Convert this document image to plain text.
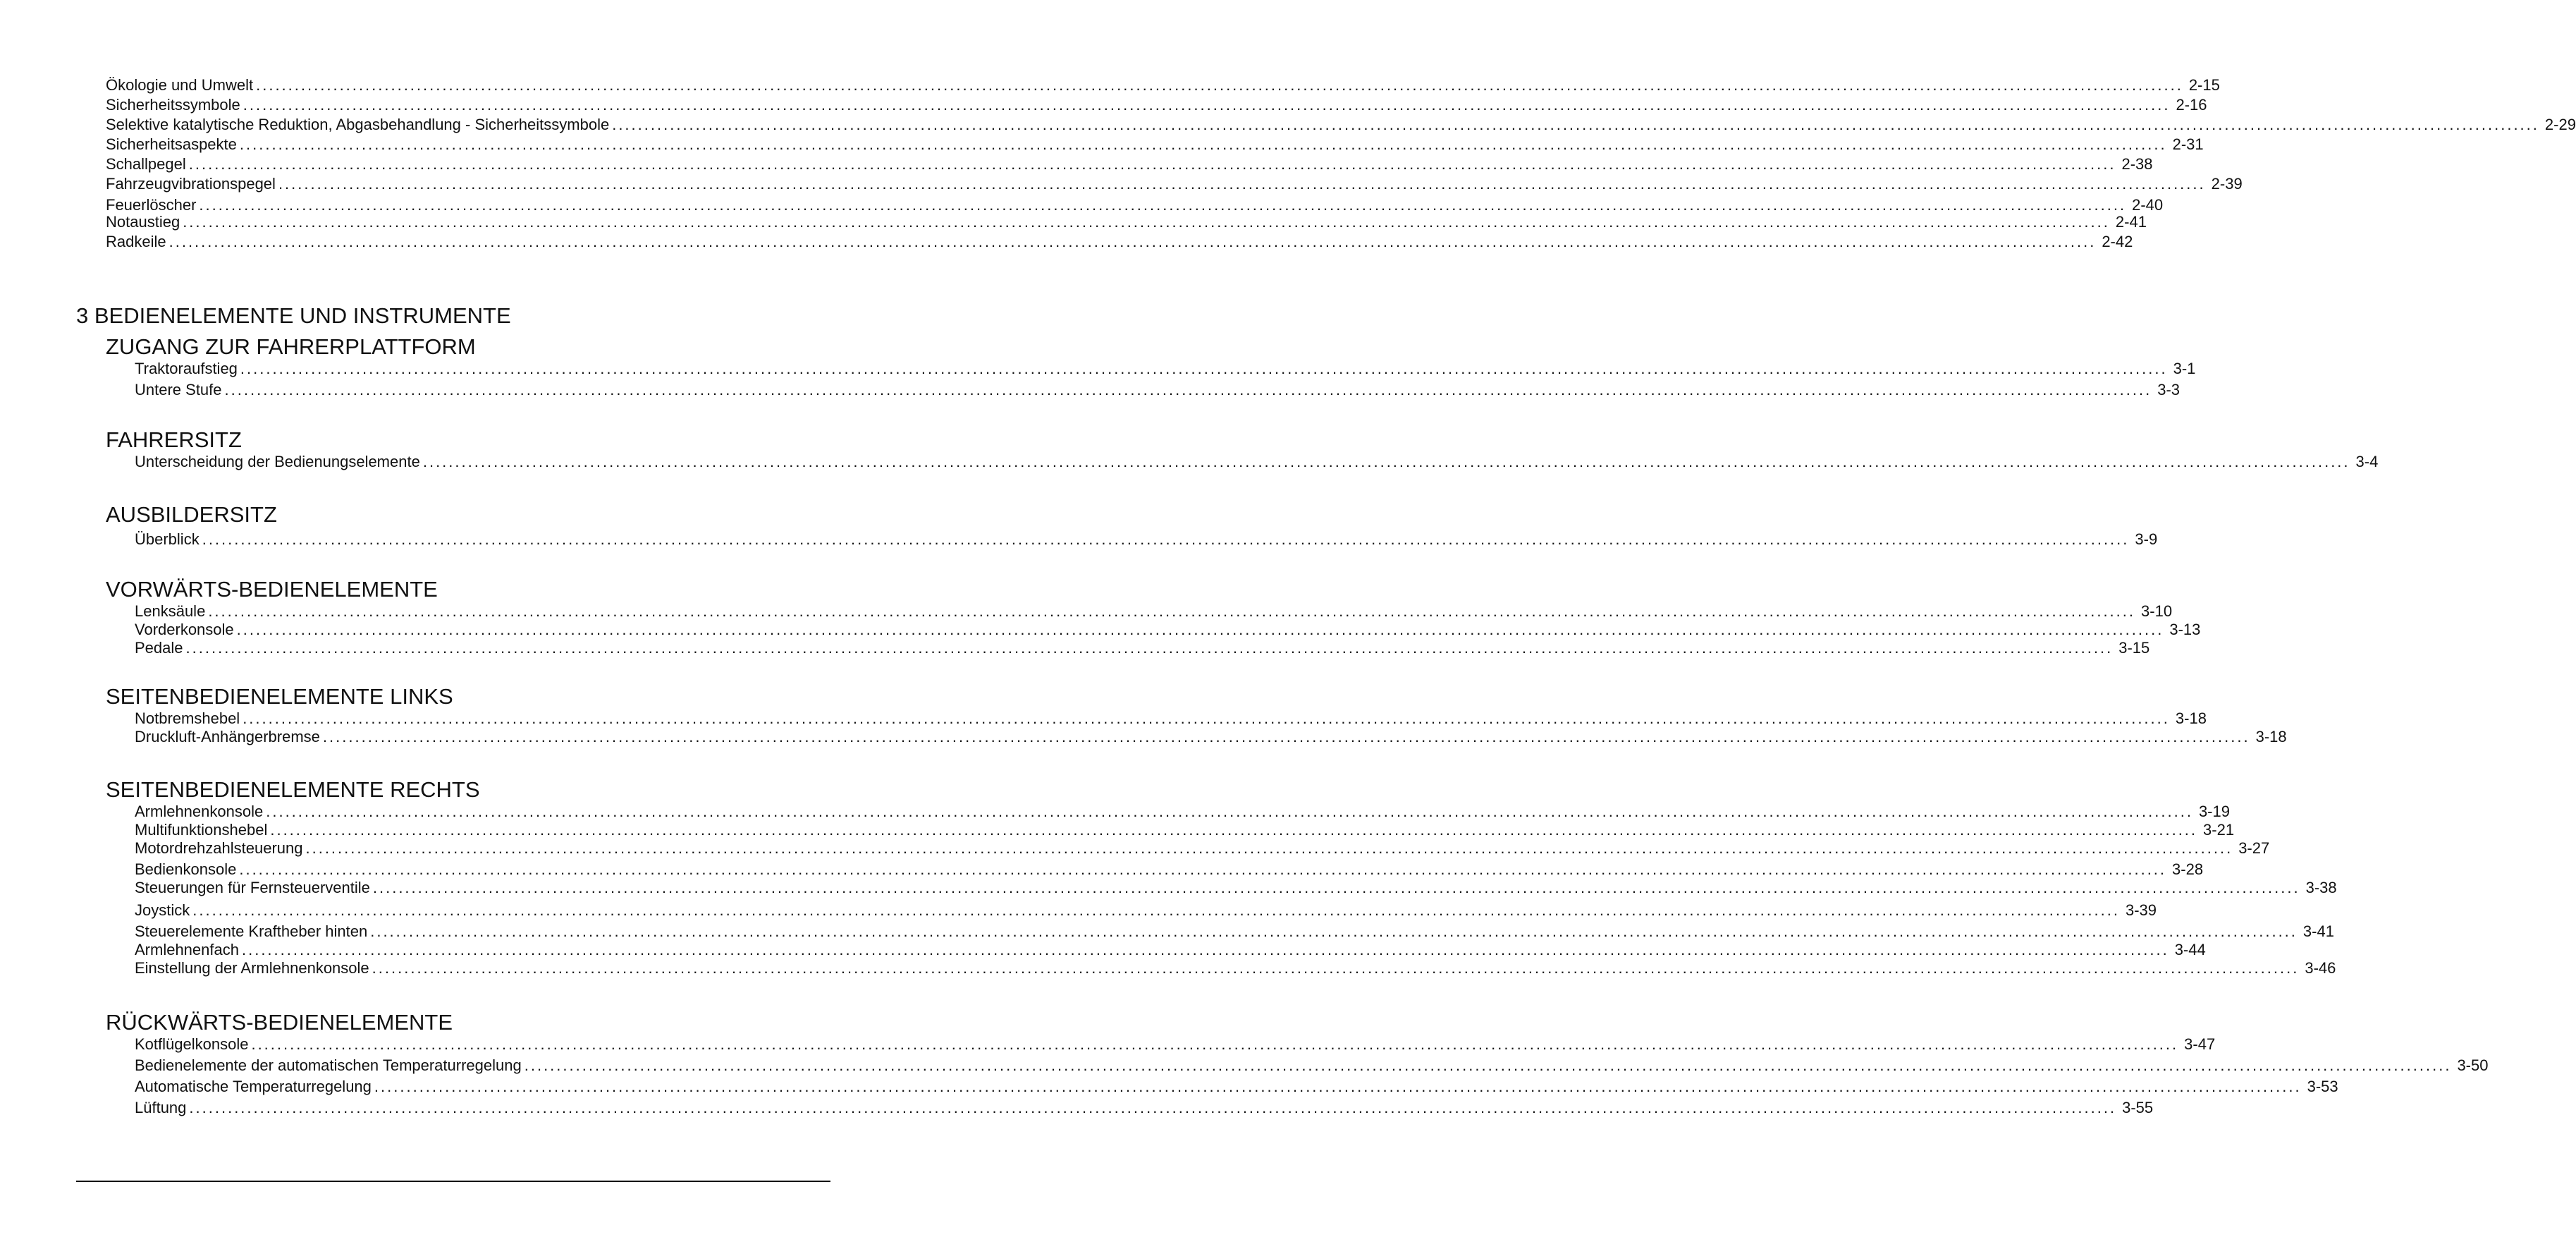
Ökologie und Umwelt ............................................................................................................................................................................................................................................................................................................ 2-15
Sicherheitssymbole ............................................................................................................................................................................................................................................................................................................ 2-16
Selektive katalytische Reduktion, Abgasbehandlung - Sicherheitssymbole ............................................................................................................................................................................................................................................................................................................ 2-29
Sicherheitsaspekte ............................................................................................................................................................................................................................................................................................................ 2-31
Schallpegel ............................................................................................................................................................................................................................................................................................................ 2-38
Fahrzeugvibrationspegel ............................................................................................................................................................................................................................................................................................................ 2-39
Feuerlöscher ............................................................................................................................................................................................................................................................................................................ 2-40
Notaustieg ............................................................................................................................................................................................................................................................................................................ 2-41
Radkeile ............................................................................................................................................................................................................................................................................................................ 2-42
3 BEDIENELEMENTE UND INSTRUMENTE
ZUGANG ZUR FAHRERPLATTFORM
Traktoraufstieg ............................................................................................................................................................................................................................................................................................................ 3-1
Untere Stufe ............................................................................................................................................................................................................................................................................................................ 3-3
FAHRERSITZ
Unterscheidung der Bedienungselemente ............................................................................................................................................................................................................................................................................................................ 3-4
AUSBILDERSITZ
Überblick ............................................................................................................................................................................................................................................................................................................ 3-9
VORWÄRTS-BEDIENELEMENTE
Lenksäule ............................................................................................................................................................................................................................................................................................................ 3-10
Vorderkonsole ............................................................................................................................................................................................................................................................................................................ 3-13
Pedale ............................................................................................................................................................................................................................................................................................................ 3-15
SEITENBEDIENELEMENTE LINKS
Notbremshebel ............................................................................................................................................................................................................................................................................................................ 3-18
Druckluft-Anhängerbremse ............................................................................................................................................................................................................................................................................................................ 3-18
SEITENBEDIENELEMENTE RECHTS
Armlehnenkonsole ............................................................................................................................................................................................................................................................................................................ 3-19
Multifunktionshebel ............................................................................................................................................................................................................................................................................................................ 3-21
Motordrehzahlsteuerung ............................................................................................................................................................................................................................................................................................................ 3-27
Bedienkonsole ............................................................................................................................................................................................................................................................................................................ 3-28
Steuerungen für Fernsteuerventile ............................................................................................................................................................................................................................................................................................................ 3-38
Joystick ............................................................................................................................................................................................................................................................................................................ 3-39
Steuerelemente Kraftheber hinten ............................................................................................................................................................................................................................................................................................................ 3-41
Armlehnenfach ............................................................................................................................................................................................................................................................................................................ 3-44
Einstellung der Armlehnenkonsole ............................................................................................................................................................................................................................................................................................................ 3-46
RÜCKWÄRTS-BEDIENELEMENTE
Kotflügelkonsole ............................................................................................................................................................................................................................................................................................................ 3-47
Bedienelemente der automatischen Temperaturregelung ............................................................................................................................................................................................................................................................................................................ 3-50
Automatische Temperaturregelung ............................................................................................................................................................................................................................................................................................................ 3-53
Lüftung ............................................................................................................................................................................................................................................................................................................ 3-55
